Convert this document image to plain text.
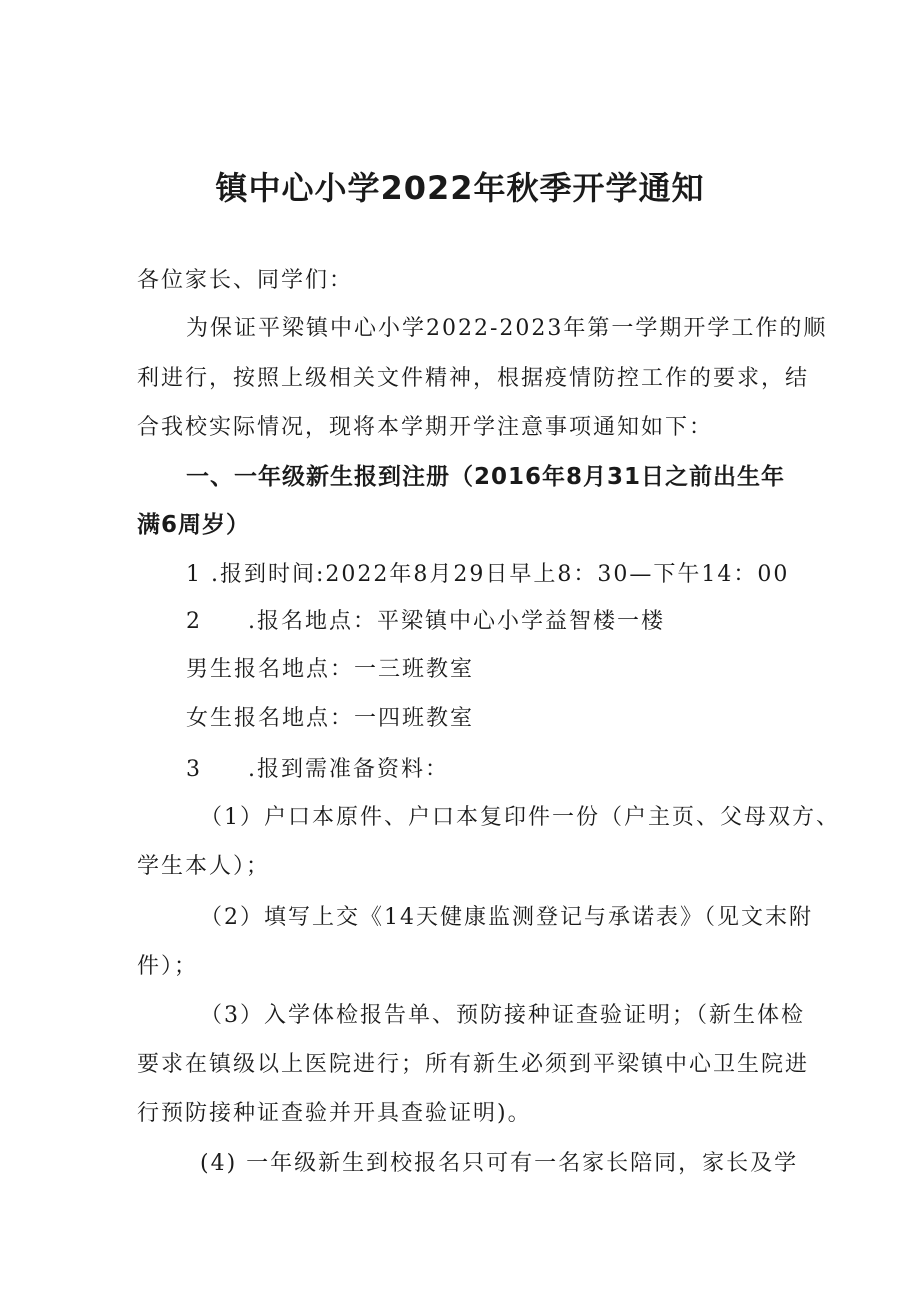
镇中心小学2022年秋季开学通知
各位家长、同学们：
为保证平梁镇中心小学2022-2023年第一学期开学工作的顺
利进行，按照上级相关文件精神，根据疫情防控工作的要求，结
合我校实际情况，现将本学期开学注意事项通知如下：
一、一年级新生报到注册（2016年8月31日之前出生年
满6周岁）
1 .报到时间:2022年8月29日早上8：30—下午14：00
2 .报名地点：平梁镇中心小学益智楼一楼
男生报名地点：一三班教室
女生报名地点：一四班教室
3 .报到需准备资料：
（1）户口本原件、户口本复印件一份（户主页、父母双方、
学生本人）；
（2）填写上交《14天健康监测登记与承诺表》（见文末附
件）；
（3）入学体检报告单、预防接种证查验证明；（新生体检
要求在镇级以上医院进行；所有新生必须到平梁镇中心卫生院进
行预防接种证查验并开具查验证明)。
(4) 一年级新生到校报名只可有一名家长陪同，家长及学
